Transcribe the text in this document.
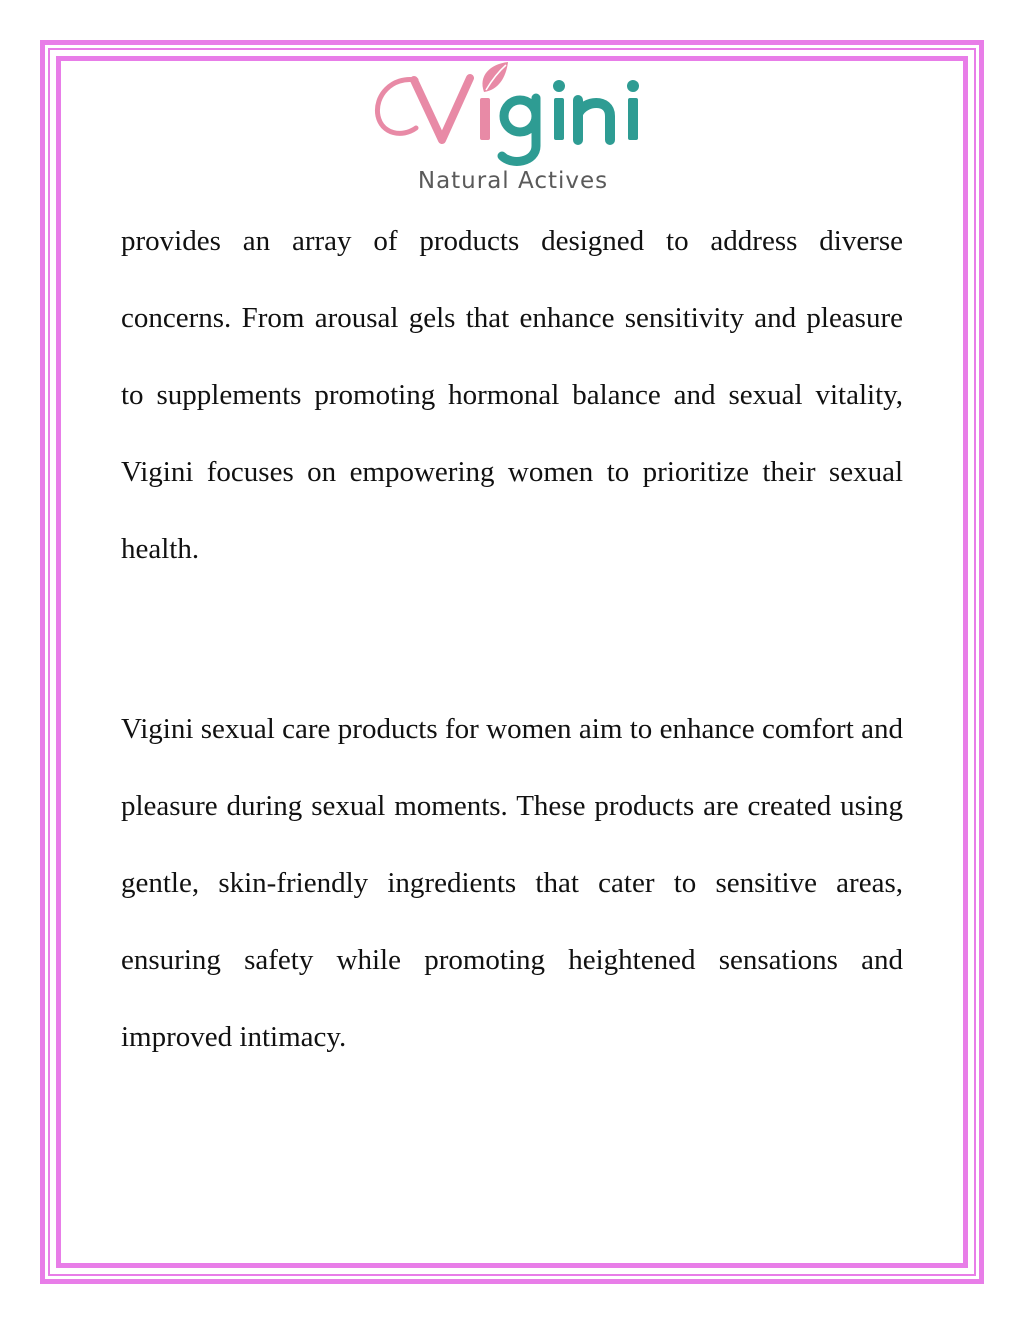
Natural Actives

provides an array of products designed to address diverse concerns. From arousal gels that enhance sensitivity and pleasure to supplements promoting hormonal balance and sexual vitality, Vigini focuses on empowering women to prioritize their sexual health.

Vigini sexual care products for women aim to enhance comfort and pleasure during sexual moments. These products are created using gentle, skin-friendly ingredients that cater to sensitive areas, ensuring safety while promoting heightened sensations and improved intimacy.
